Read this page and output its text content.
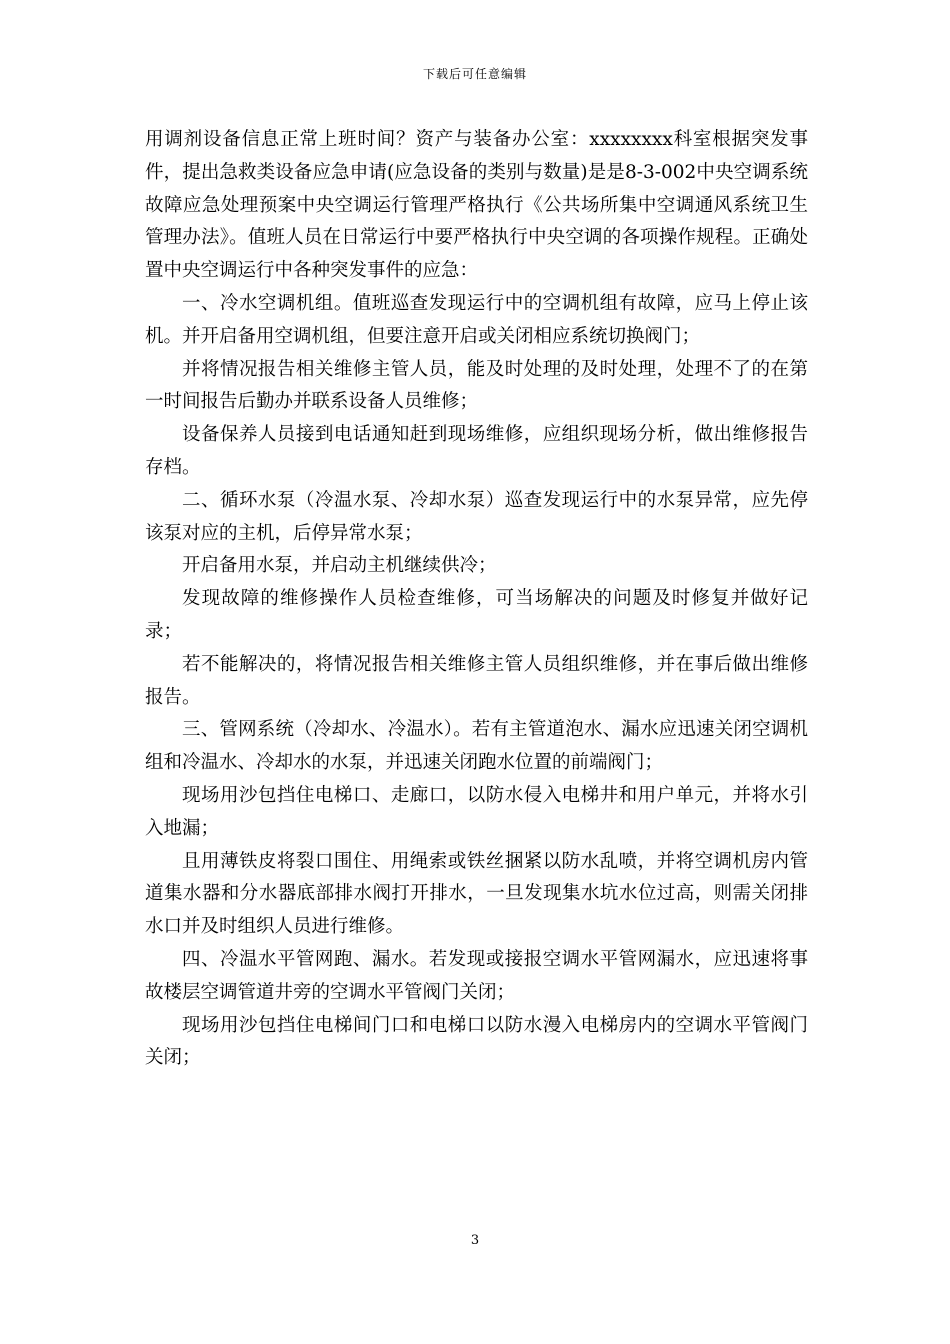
下载后可任意编辑

用调剂设备信息正常上班时间？资产与装备办公室：xxxxxxxx科室根据突发事件，提出急救类设备应急申请(应急设备的类别与数量)是是8-3-002中央空调系统故障应急处理预案中央空调运行管理严格执行《公共场所集中空调通风系统卫生管理办法》。值班人员在日常运行中要严格执行中央空调的各项操作规程。正确处置中央空调运行中各种突发事件的应急：

一、冷水空调机组。值班巡查发现运行中的空调机组有故障，应马上停止该机。并开启备用空调机组，但要注意开启或关闭相应系统切换阀门；

并将情况报告相关维修主管人员，能及时处理的及时处理，处理不了的在第一时间报告后勤办并联系设备人员维修；

设备保养人员接到电话通知赶到现场维修，应组织现场分析，做出维修报告存档。

二、循环水泵（冷温水泵、冷却水泵）巡查发现运行中的水泵异常，应先停该泵对应的主机，后停异常水泵；

开启备用水泵，并启动主机继续供冷；

发现故障的维修操作人员检查维修，可当场解决的问题及时修复并做好记录；

若不能解决的，将情况报告相关维修主管人员组织维修，并在事后做出维修报告。

三、管网系统（冷却水、冷温水）。若有主管道泡水、漏水应迅速关闭空调机组和冷温水、冷却水的水泵，并迅速关闭跑水位置的前端阀门；

现场用沙包挡住电梯口、走廊口，以防水侵入电梯井和用户单元，并将水引入地漏；

且用薄铁皮将裂口围住、用绳索或铁丝捆紧以防水乱喷，并将空调机房内管道集水器和分水器底部排水阀打开排水，一旦发现集水坑水位过高，则需关闭排水口并及时组织人员进行维修。

四、冷温水平管网跑、漏水。若发现或接报空调水平管网漏水，应迅速将事故楼层空调管道井旁的空调水平管阀门关闭；

现场用沙包挡住电梯间门口和电梯口以防水漫入电梯房内的空调水平管阀门关闭；

3
